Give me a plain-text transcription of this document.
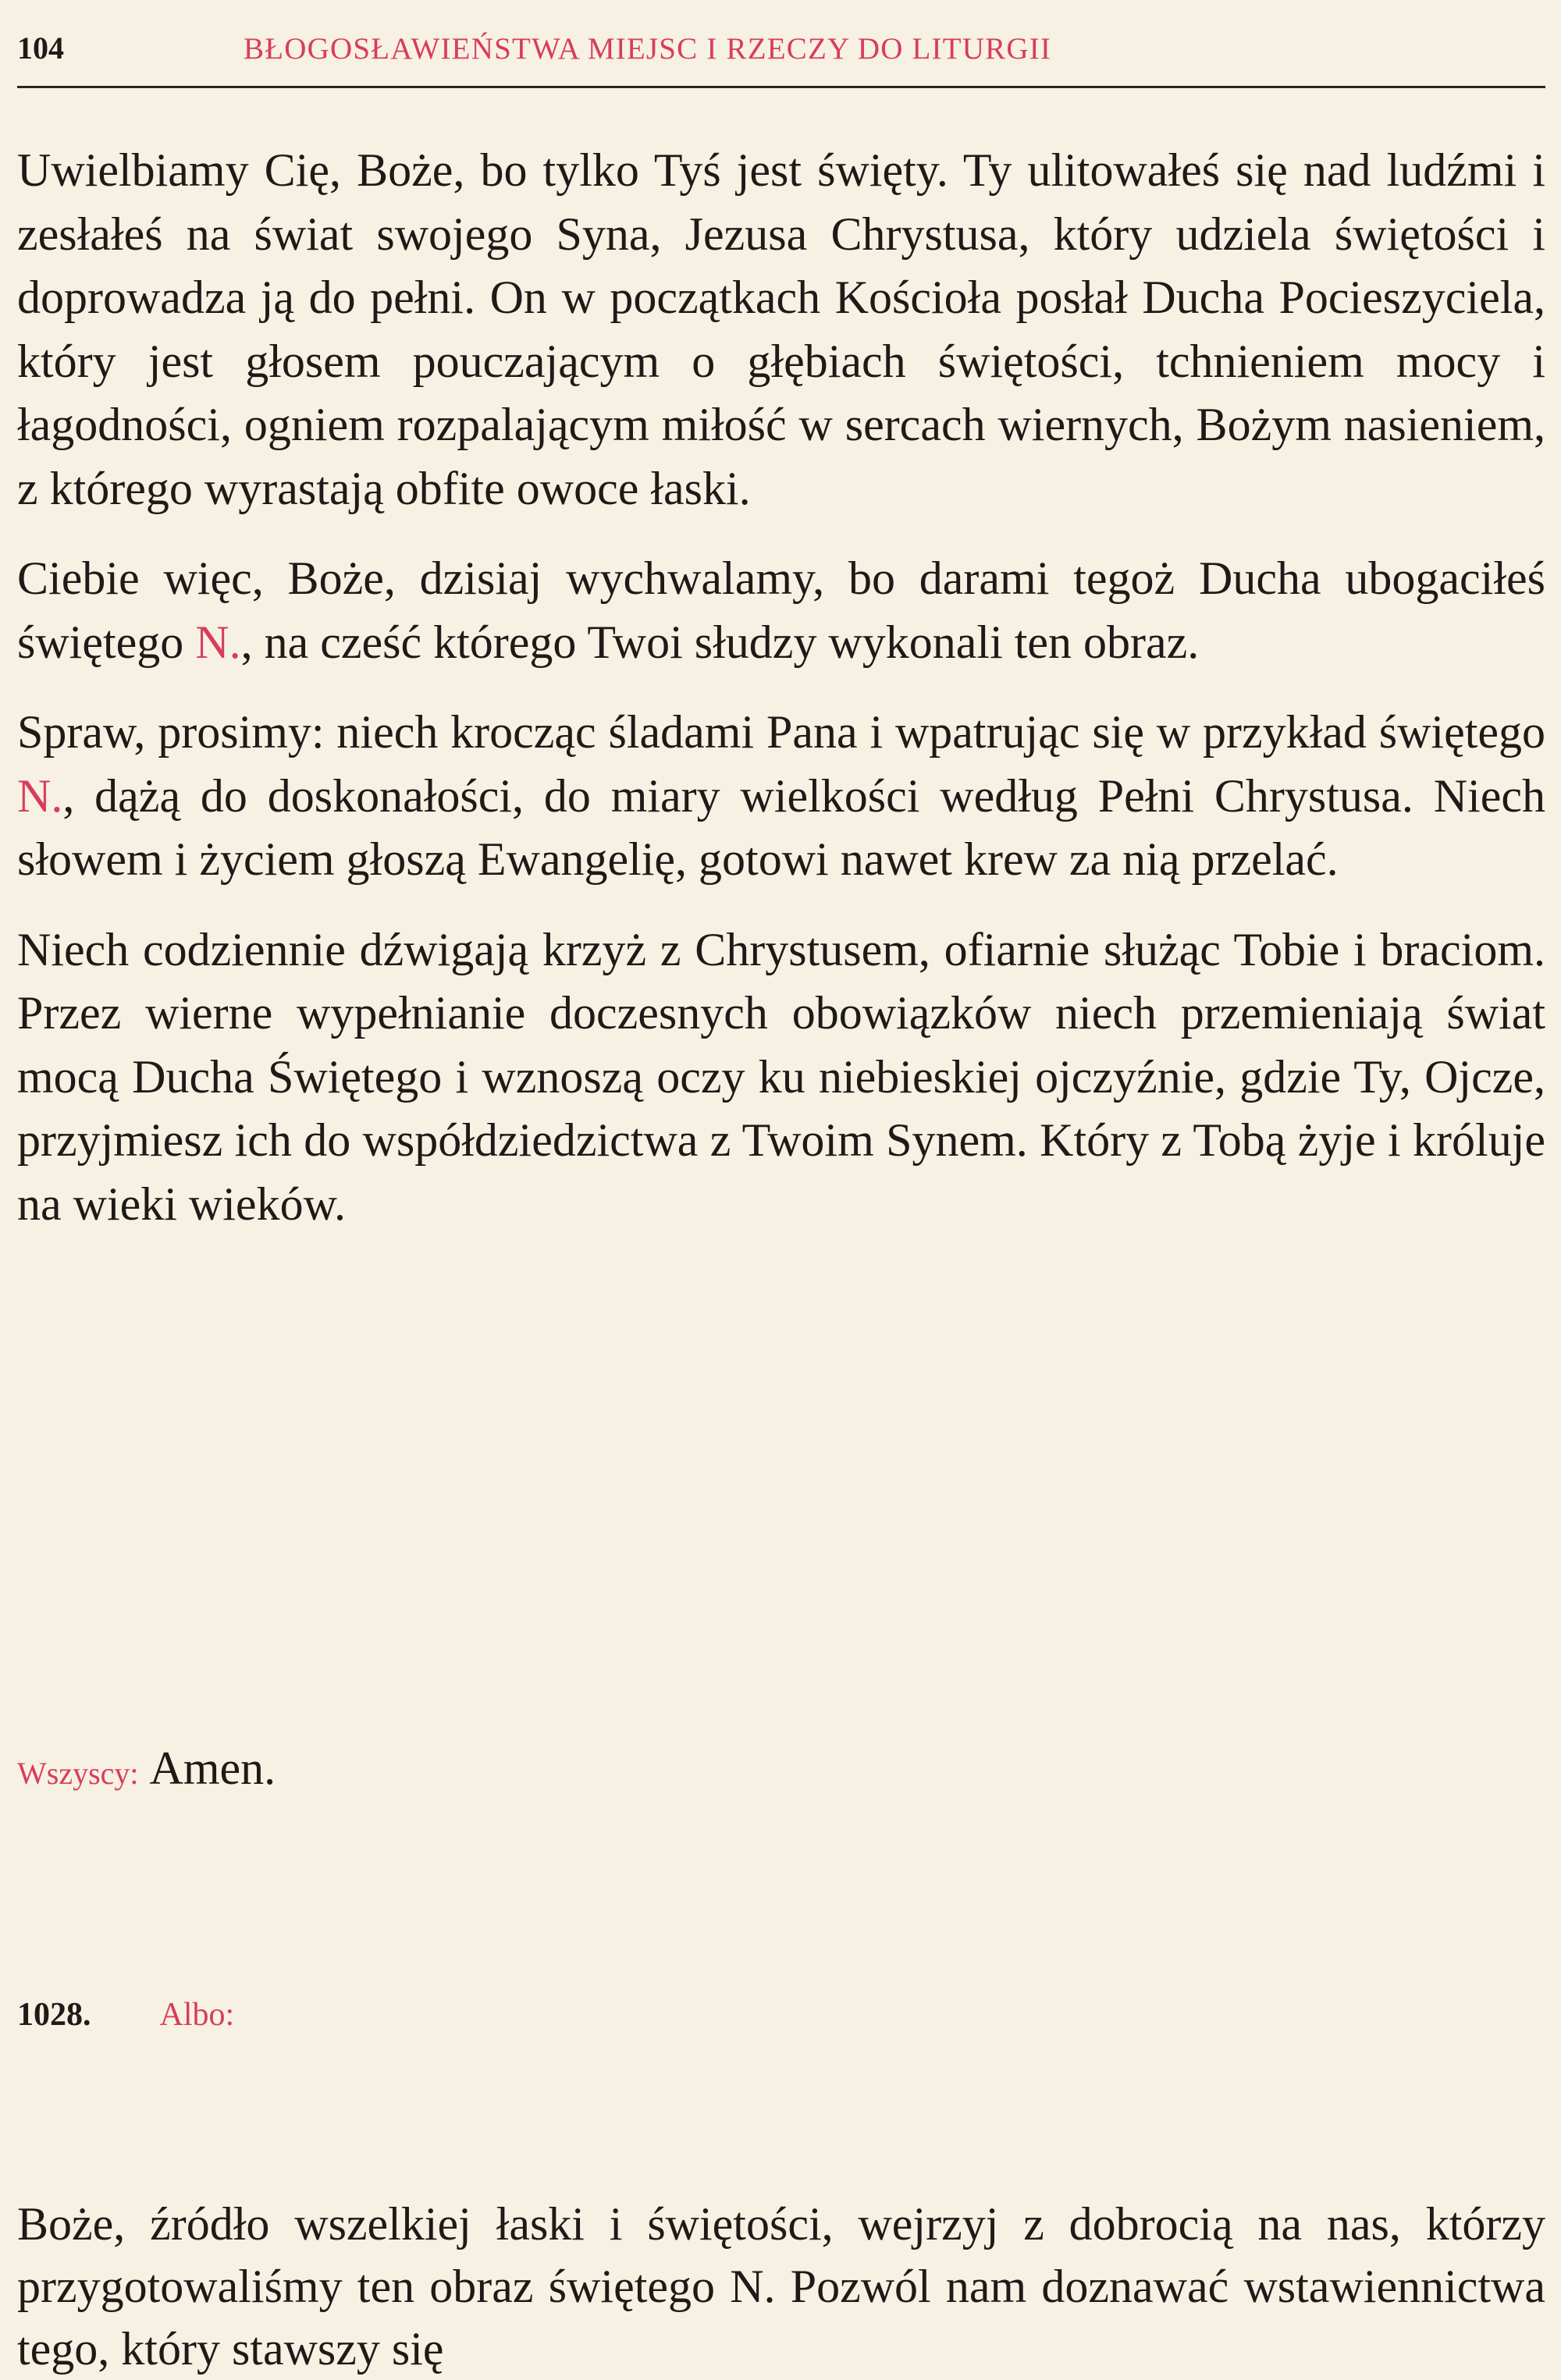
104	BŁOGOSŁAWIEŃSTWA MIEJSC I RZECZY DO LITURGII

Uwielbiamy Cię, Boże, bo tylko Tyś jest święty. Ty ulitowałeś się nad ludźmi i zesłałeś na świat swojego Syna, Jezusa Chrystusa, który udziela świętości i doprowadza ją do pełni. On w początkach Kościoła posłał Ducha Pocieszyciela, który jest głosem pouczającym o głębiach świętości, tchnieniem mocy i łagodności, ogniem rozpalającym miłość w sercach wiernych, Bożym nasieniem, z którego wyrastają obfite owoce łaski.

Ciebie więc, Boże, dzisiaj wychwalamy, bo darami tegoż Ducha ubogaciłeś świętego N., na cześć którego Twoi słudzy wykonali ten obraz.

Spraw, prosimy: niech krocząc śladami Pana i wpatrując się w przykład świętego N., dążą do doskonałości, do miary wielkości według Pełni Chrystusa. Niech słowem i życiem głoszą Ewangelię, gotowi nawet krew za nią przelać.

Niech codziennie dźwigają krzyż z Chrystusem, ofiarnie służąc Tobie i braciom. Przez wierne wypełnianie doczesnych obowiązków niech przemieniają świat mocą Ducha Świętego i wznoszą oczy ku niebieskiej ojczyźnie, gdzie Ty, Ojcze, przyjmiesz ich do współdziedzictwa z Twoim Synem. Który z Tobą żyje i króluje na wieki wieków.

Wszyscy: Amen.
1028. Albo:

Boże, źródło wszelkiej łaski i świętości, wejrzyj z dobrocią na nas, którzy przygotowaliśmy ten obraz świętego N. Pozwól nam doznawać wstawiennictwa tego, który stawszy się
